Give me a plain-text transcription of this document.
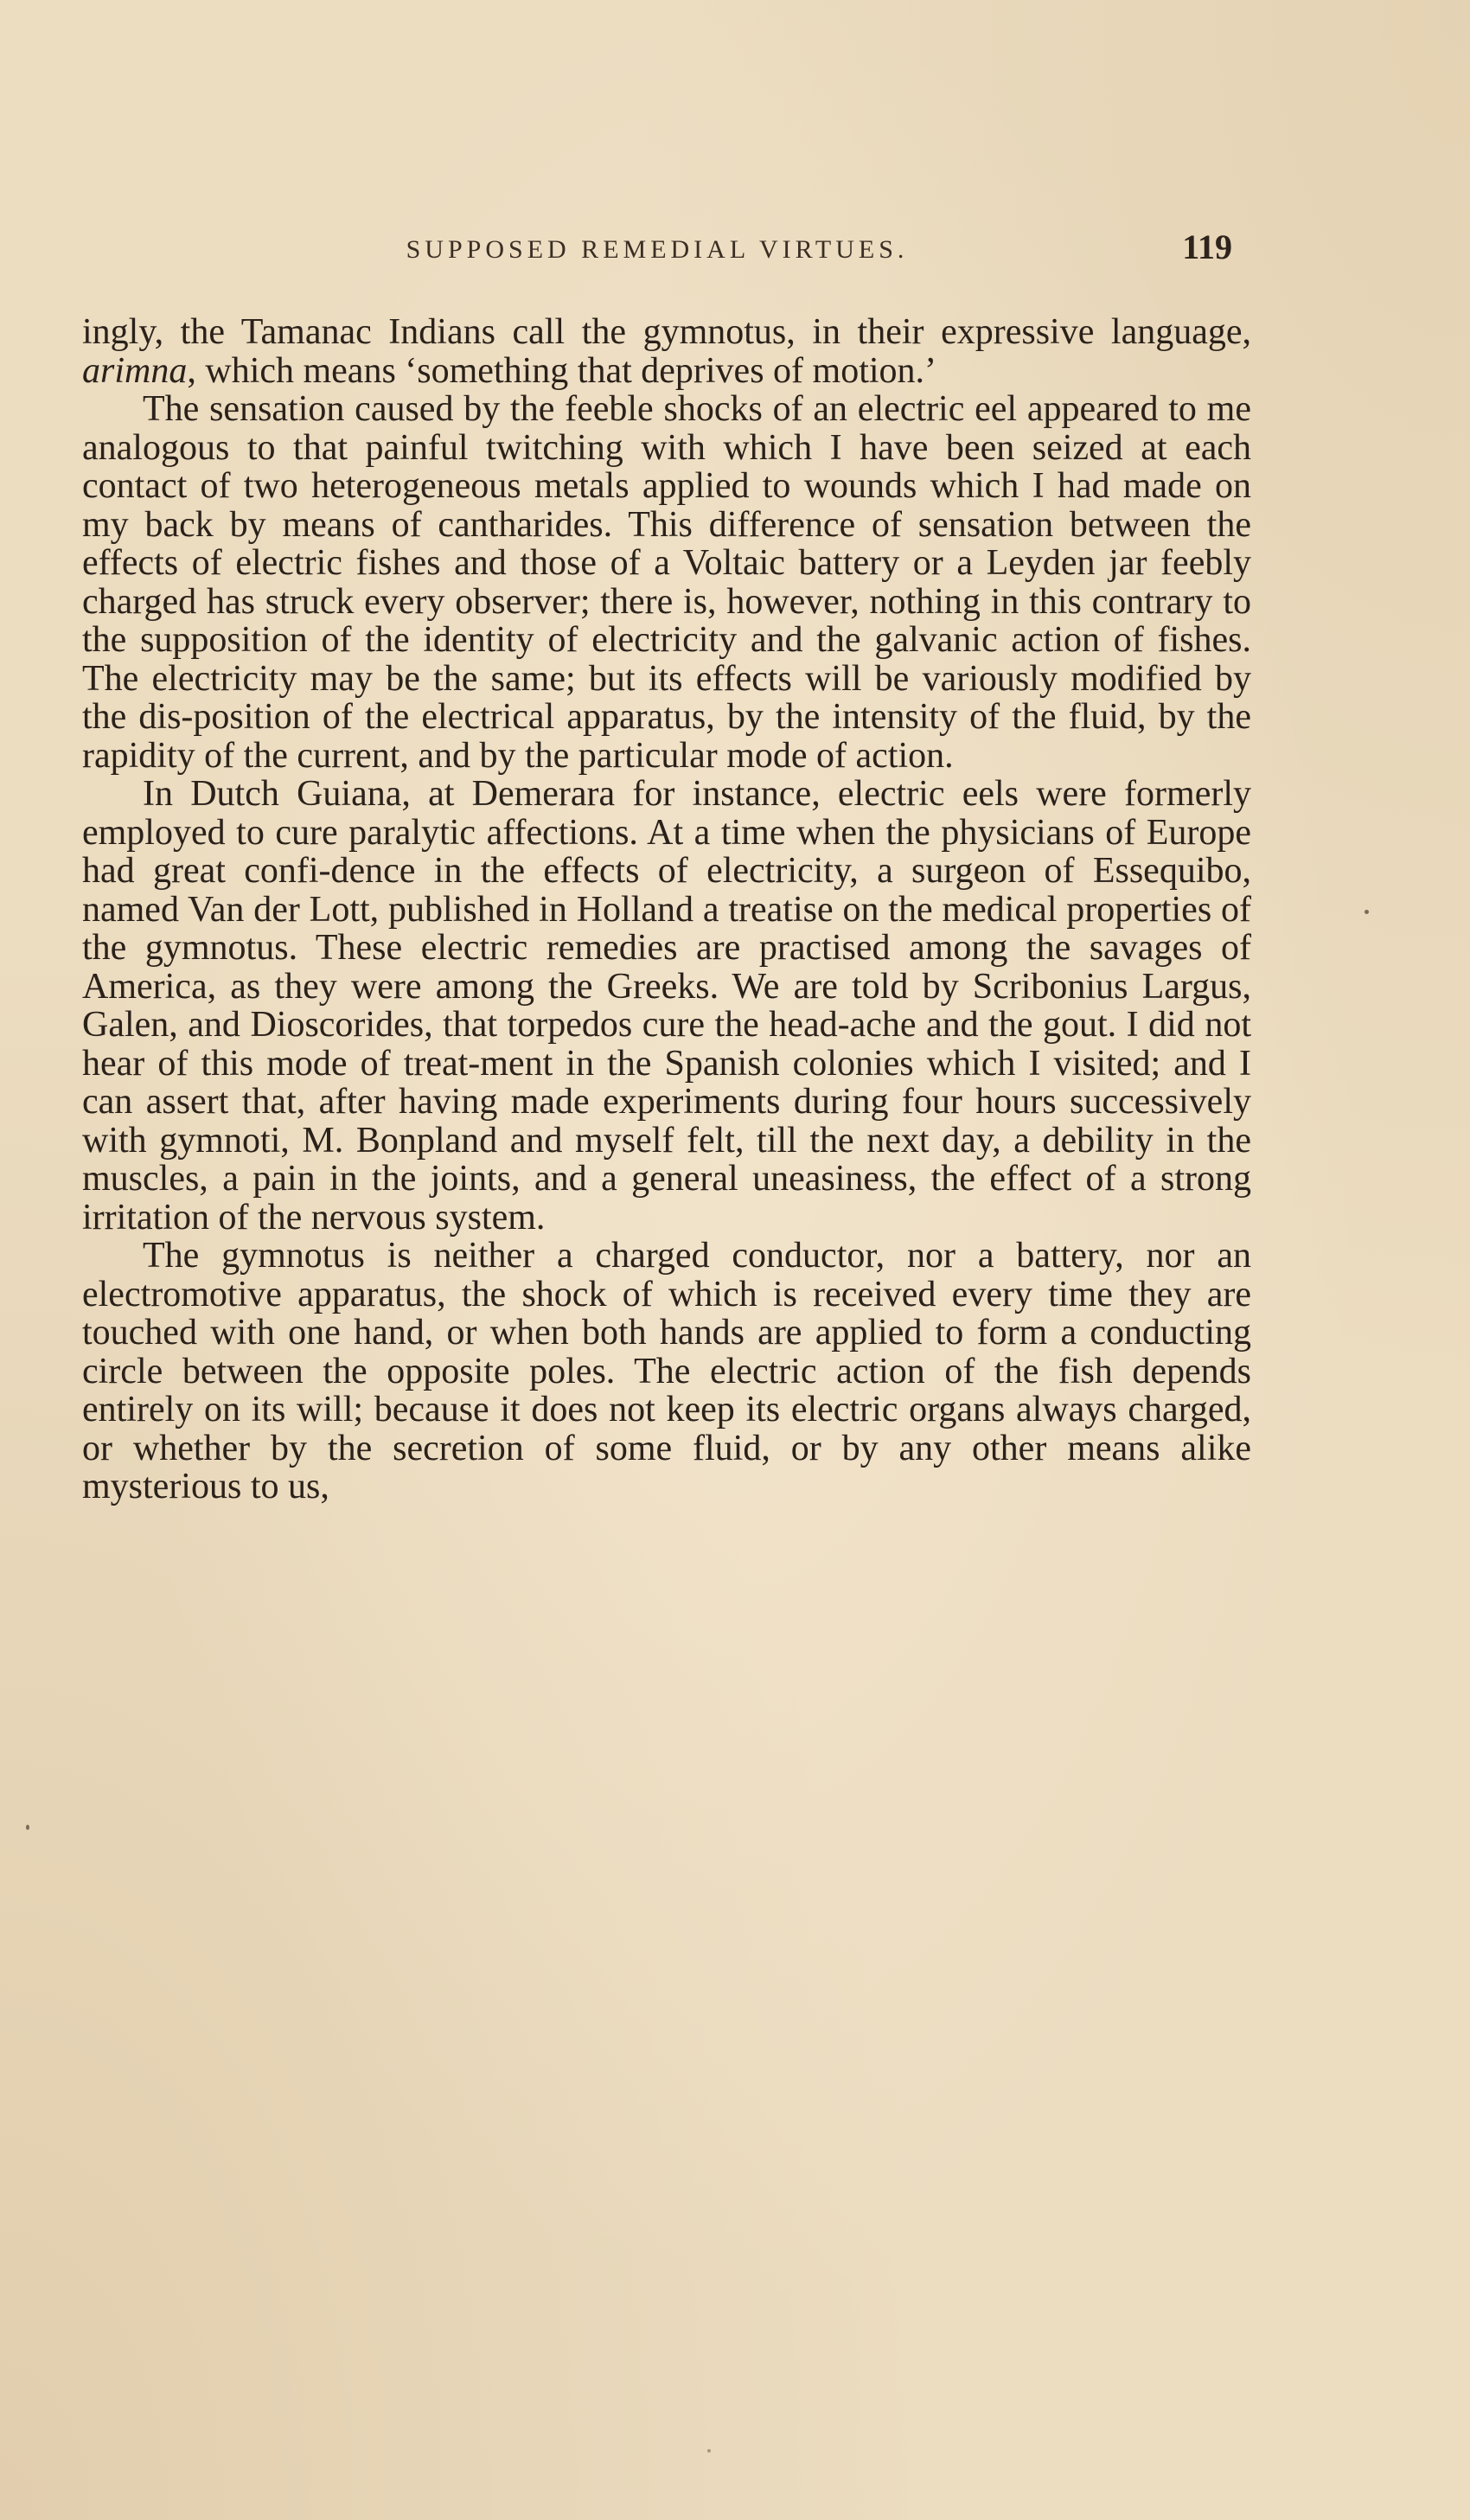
SUPPOSED REMEDIAL VIRTUES.	119

ingly, the Tamanac Indians call the gymnotus, in their expressive language, arimna, which means ‘something that deprives of motion.’

The sensation caused by the feeble shocks of an electric eel appeared to me analogous to that painful twitching with which I have been seized at each contact of two heterogeneous metals applied to wounds which I had made on my back by means of cantharides. This difference of sensation between the effects of electric fishes and those of a Voltaic battery or a Leyden jar feebly charged has struck every observer; there is, however, nothing in this contrary to the supposition of the identity of electricity and the galvanic action of fishes. The electricity may be the same; but its effects will be variously modified by the dis-position of the electrical apparatus, by the intensity of the fluid, by the rapidity of the current, and by the particular mode of action.

In Dutch Guiana, at Demerara for instance, electric eels were formerly employed to cure paralytic affections. At a time when the physicians of Europe had great confi-dence in the effects of electricity, a surgeon of Essequibo, named Van der Lott, published in Holland a treatise on the medical properties of the gymnotus. These electric remedies are practised among the savages of America, as they were among the Greeks. We are told by Scribonius Largus, Galen, and Dioscorides, that torpedos cure the head-ache and the gout. I did not hear of this mode of treat-ment in the Spanish colonies which I visited; and I can assert that, after having made experiments during four hours successively with gymnoti, M. Bonpland and myself felt, till the next day, a debility in the muscles, a pain in the joints, and a general uneasiness, the effect of a strong irritation of the nervous system.

The gymnotus is neither a charged conductor, nor a battery, nor an electromotive apparatus, the shock of which is received every time they are touched with one hand, or when both hands are applied to form a conducting circle between the opposite poles. The electric action of the fish depends entirely on its will; because it does not keep its electric organs always charged, or whether by the secretion of some fluid, or by any other means alike mysterious to us,
